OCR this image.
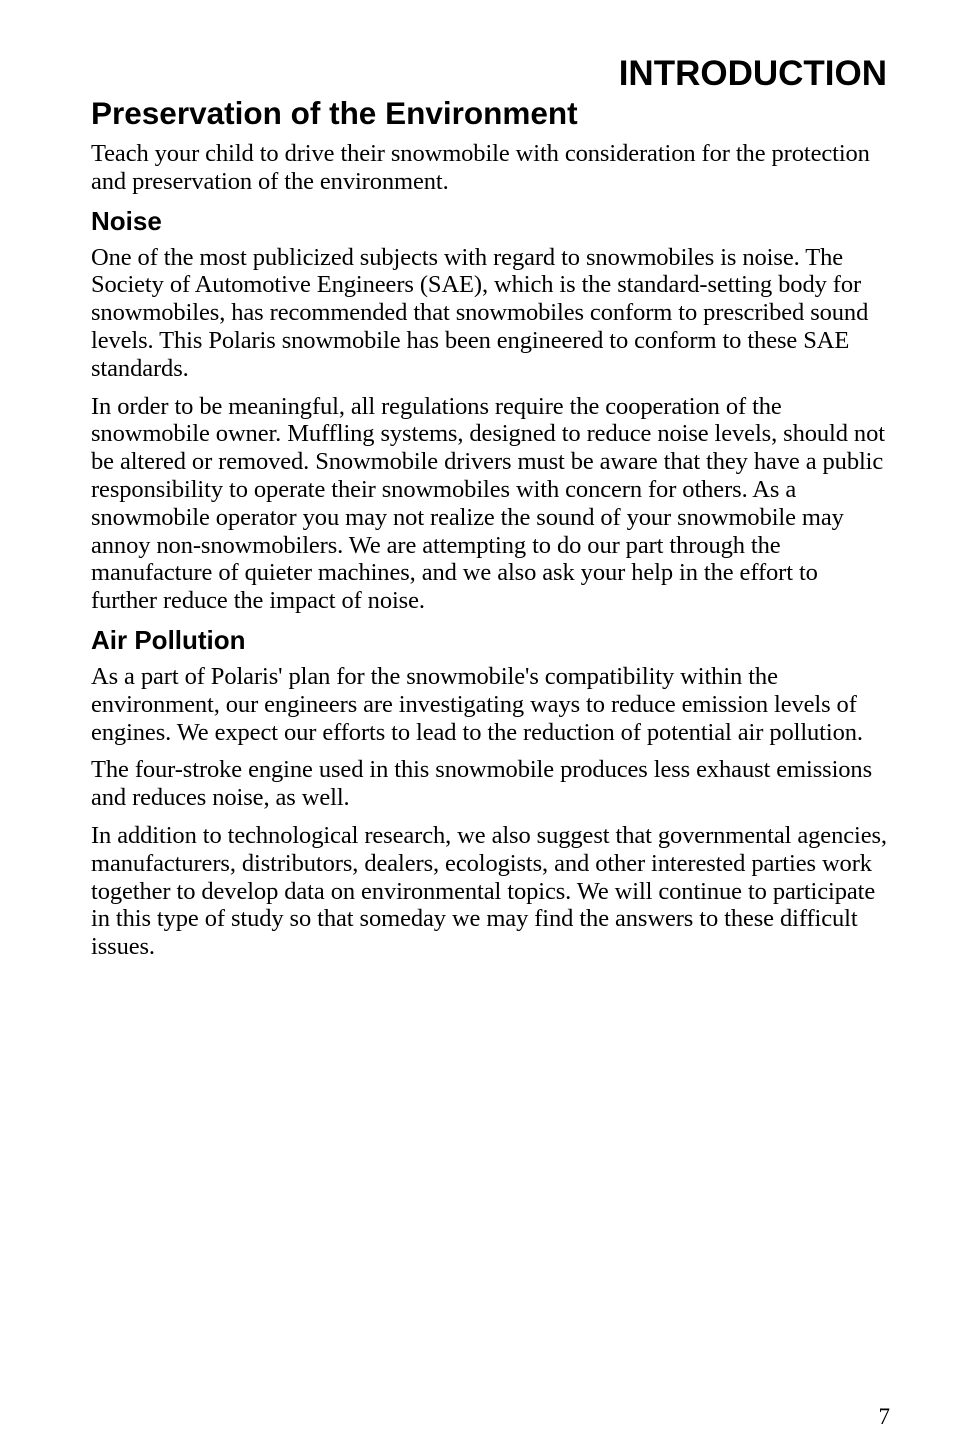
INTRODUCTION
Preservation of the Environment

Teach your child to drive their snowmobile with consideration for the protection and preservation of the environment.

Noise

One of the most publicized subjects with regard to snowmobiles is noise. The Society of Automotive Engineers (SAE), which is the standard-setting body for snowmobiles, has recommended that snowmobiles conform to prescribed sound levels. This Polaris snowmobile has been engineered to conform to these SAE standards.

In order to be meaningful, all regulations require the cooperation of the snowmobile owner. Muffling systems, designed to reduce noise levels, should not be altered or removed. Snowmobile drivers must be aware that they have a public responsibility to operate their snowmobiles with concern for others. As a snowmobile operator you may not realize the sound of your snowmobile may annoy non-snowmobilers. We are attempting to do our part through the manufacture of quieter machines, and we also ask your help in the effort to further reduce the impact of noise.

Air Pollution

As a part of Polaris' plan for the snowmobile's compatibility within the environment, our engineers are investigating ways to reduce emission levels of engines. We expect our efforts to lead to the reduction of potential air pollution.

The four-stroke engine used in this snowmobile produces less exhaust emissions and reduces noise, as well.

In addition to technological research, we also suggest that governmental agencies, manufacturers, distributors, dealers, ecologists, and other interested parties work together to develop data on environmental topics. We will continue to participate in this type of study so that someday we may find the answers to these difficult issues.

7
